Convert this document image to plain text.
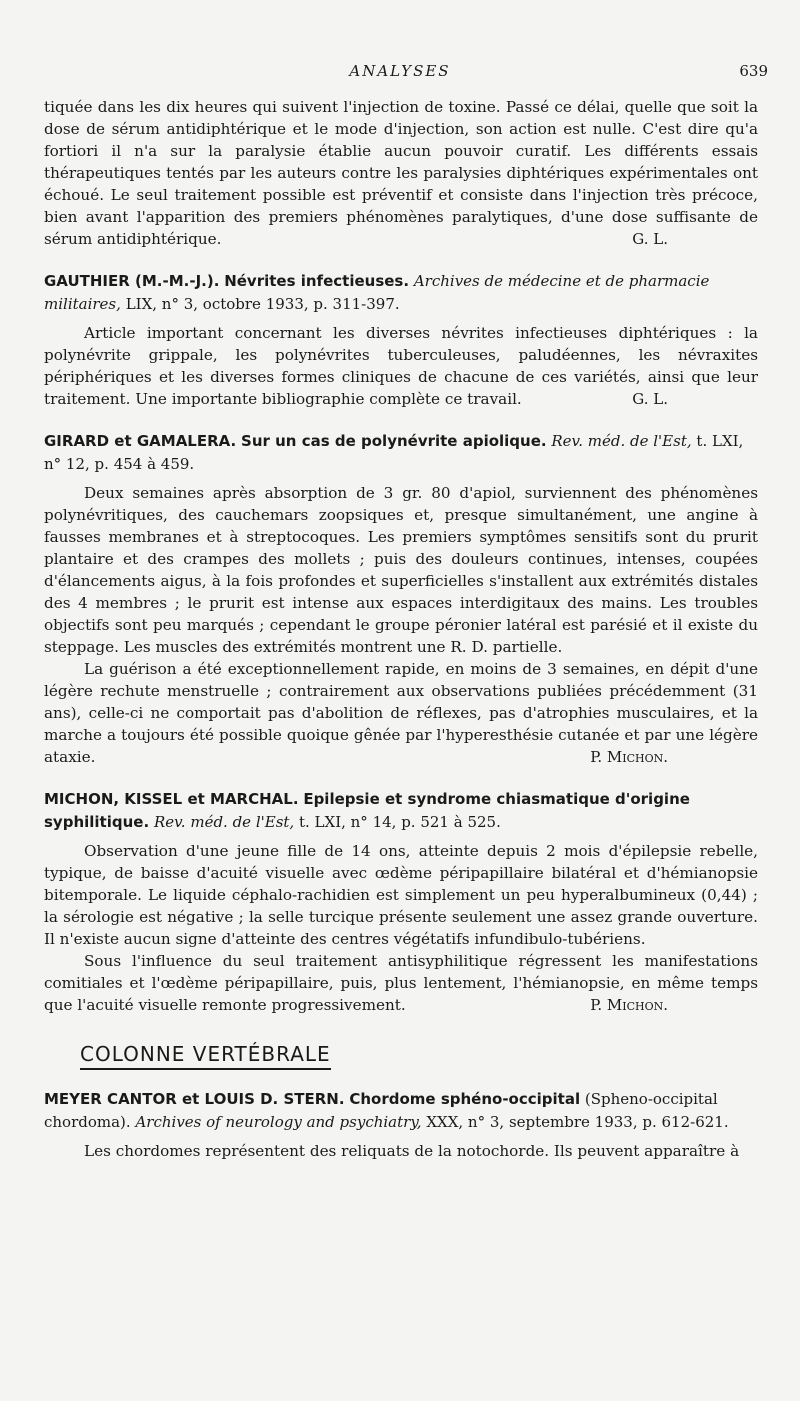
ANALYSES	639

tiquée dans les dix heures qui suivent l'injection de toxine. Passé ce délai, quelle que soit la dose de sérum antidiphtérique et le mode d'injection, son action est nulle. C'est dire qu'a fortiori il n'a sur la paralysie établie aucun pouvoir curatif. Les différents essais thérapeutiques tentés par les auteurs contre les paralysies diphtériques expérimentales ont échoué. Le seul traitement possible est préventif et consiste dans l'injection très précoce, bien avant l'apparition des premiers phénomènes paralytiques, d'une dose suffisante de sérum antidiphtérique.	G. L.

GAUTHIER (M.-M.-J.). Névrites infectieuses. Archives de médecine et de pharmacie militaires, LIX, n° 3, octobre 1933, p. 311-397.

Article important concernant les diverses névrites infectieuses diphtériques : la polynévrite grippale, les polynévrites tuberculeuses, paludéennes, les névraxites périphériques et les diverses formes cliniques de chacune de ces variétés, ainsi que leur traitement. Une importante bibliographie complète ce travail.	G. L.

GIRARD et GAMALERA. Sur un cas de polynévrite apiolique. Rev. méd. de l'Est, t. LXI, n° 12, p. 454 à 459.

Deux semaines après absorption de 3 gr. 80 d'apiol, surviennent des phénomènes polynévritiques, des cauchemars zoopsiques et, presque simultanément, une angine à fausses membranes et à streptocoques. Les premiers symptômes sensitifs sont du prurit plantaire et des crampes des mollets ; puis des douleurs continues, intenses, coupées d'élancements aigus, à la fois profondes et superficielles s'installent aux extrémités distales des 4 membres ; le prurit est intense aux espaces interdigitaux des mains. Les troubles objectifs sont peu marqués ; cependant le groupe péronier latéral est parésié et il existe du steppage. Les muscles des extrémités montrent une R. D. partielle.

La guérison a été exceptionnellement rapide, en moins de 3 semaines, en dépit d'une légère rechute menstruelle ; contrairement aux observations publiées précédemment (31 ans), celle-ci ne comportait pas d'abolition de réflexes, pas d'atrophies musculaires, et la marche a toujours été possible quoique gênée par l'hyperesthésie cutanée et par une légère ataxie.	P. Michon.

MICHON, KISSEL et MARCHAL. Epilepsie et syndrome chiasmatique d'origine syphilitique. Rev. méd. de l'Est, t. LXI, n° 14, p. 521 à 525.

Observation d'une jeune fille de 14 ons, atteinte depuis 2 mois d'épilepsie rebelle, typique, de baisse d'acuité visuelle avec œdème péripapillaire bilatéral et d'hémianopsie bitemporale. Le liquide céphalo-rachidien est simplement un peu hyperalbumineux (0,44) ; la sérologie est négative ; la selle turcique présente seulement une assez grande ouverture. Il n'existe aucun signe d'atteinte des centres végétatifs infundibulo-tubériens.

Sous l'influence du seul traitement antisyphilitique régressent les manifestations comitiales et l'œdème péripapillaire, puis, plus lentement, l'hémianopsie, en même temps que l'acuité visuelle remonte progressivement.	P. Michon.
COLONNE VERTÉBRALE

MEYER CANTOR et LOUIS D. STERN. Chordome sphéno-occipital (Spheno-occipital chordoma). Archives of neurology and psychiatry, XXX, n° 3, septembre 1933, p. 612-621.

Les chordomes représentent des reliquats de la notochorde. Ils peuvent apparaître à
